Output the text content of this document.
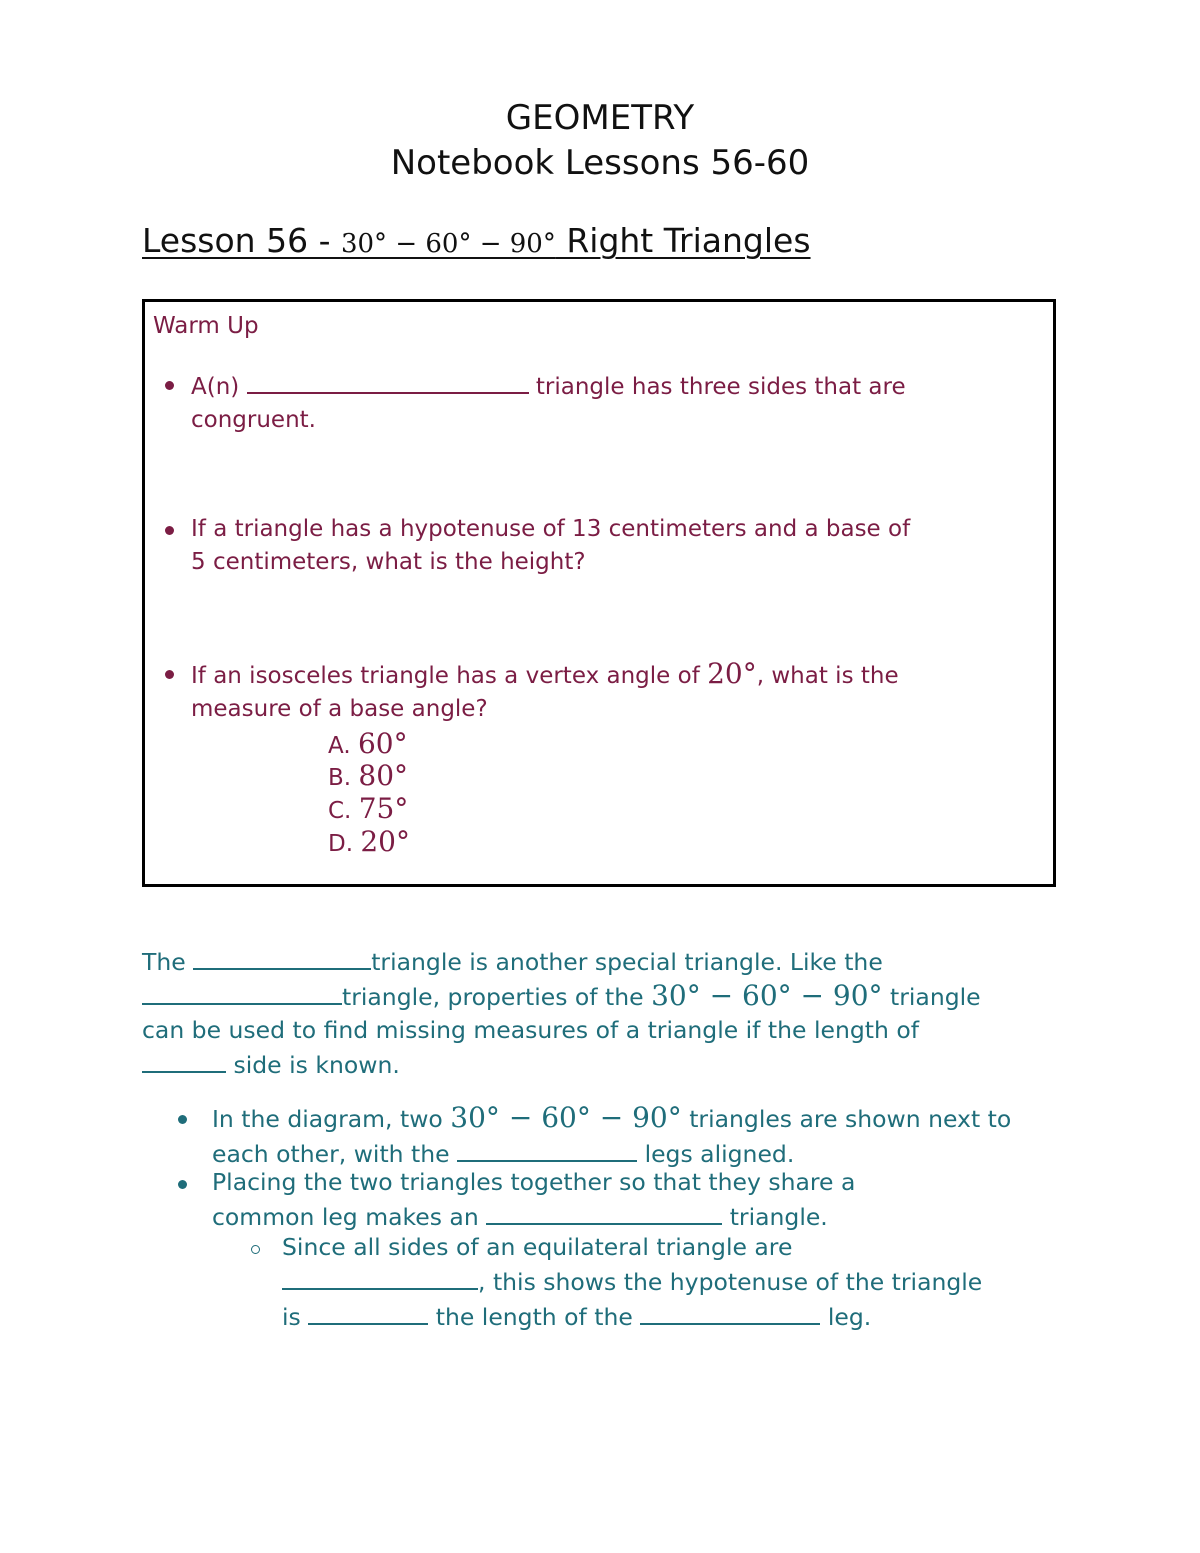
GEOMETRY
Notebook Lessons 56-60
Lesson 56 - 30° − 60° − 90° Right Triangles
Warm Up
A(n)	triangle has three sides that are
congruent.
If a triangle has a hypotenuse of 13 centimeters and a base of
5 centimeters, what is the height?
If an isosceles triangle has a vertex angle of 20°, what is the
measure of a base angle?
A. 60°
B. 80°
C. 75°
D. 20°
The	triangle is another special triangle. Like the
triangle, properties of the 30° − 60° − 90° triangle
can be used to find missing measures of a triangle if the length of
side is known.
In the diagram, two 30° − 60° − 90° triangles are shown next to
each other, with the	legs aligned.
Placing the two triangles together so that they share a
common leg makes an	triangle.
Since all sides of an equilateral triangle are
, this shows the hypotenuse of the triangle
is	the length of the	leg.
